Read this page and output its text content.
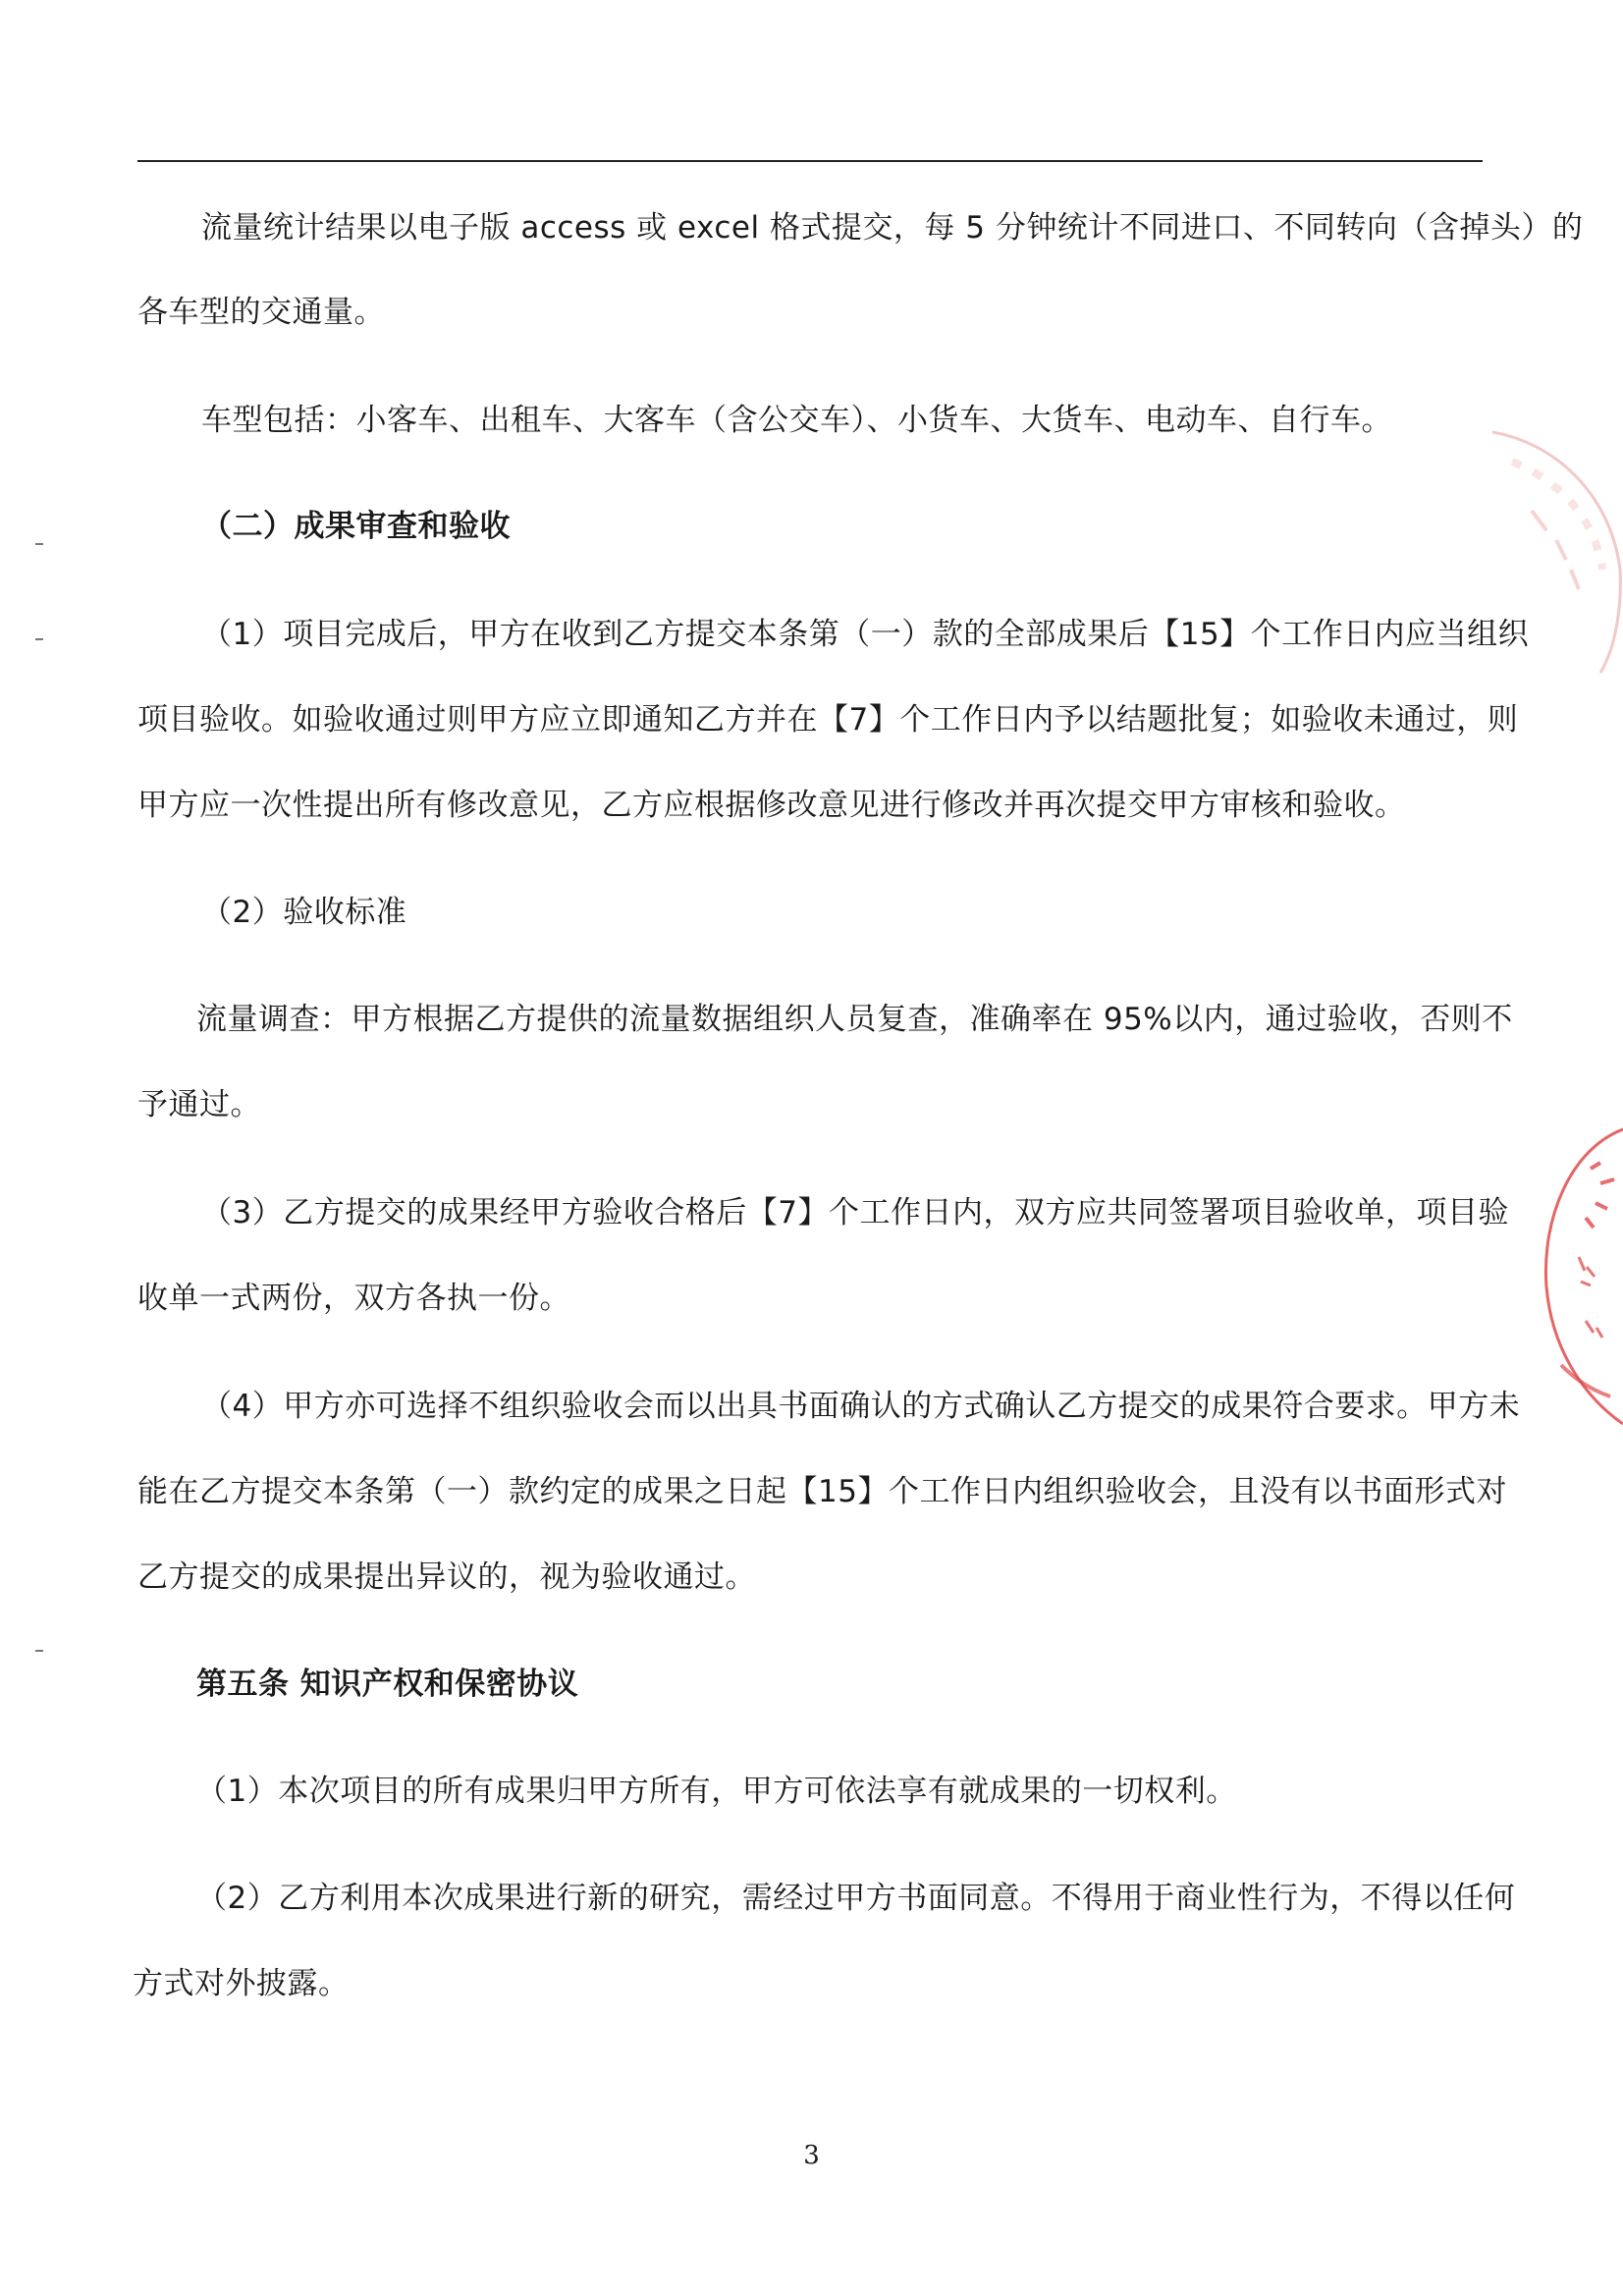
流量统计结果以电子版 access 或 excel 格式提交，每 5 分钟统计不同进口、不同转向（含掉头）的
各车型的交通量。
车型包括：小客车、出租车、大客车（含公交车）、小货车、大货车、电动车、自行车。
（二）成果审查和验收
（1）项目完成后，甲方在收到乙方提交本条第（一）款的全部成果后【15】个工作日内应当组织
项目验收。如验收通过则甲方应立即通知乙方并在【7】个工作日内予以结题批复；如验收未通过，则
甲方应一次性提出所有修改意见，乙方应根据修改意见进行修改并再次提交甲方审核和验收。
（2）验收标准
流量调查：甲方根据乙方提供的流量数据组织人员复查，准确率在 95%以内，通过验收，否则不
予通过。
（3）乙方提交的成果经甲方验收合格后【7】个工作日内，双方应共同签署项目验收单，项目验
收单一式两份，双方各执一份。
（4）甲方亦可选择不组织验收会而以出具书面确认的方式确认乙方提交的成果符合要求。甲方未
能在乙方提交本条第（一）款约定的成果之日起【15】个工作日内组织验收会，且没有以书面形式对
乙方提交的成果提出异议的，视为验收通过。
第五条 知识产权和保密协议
（1）本次项目的所有成果归甲方所有，甲方可依法享有就成果的一切权利。
（2）乙方利用本次成果进行新的研究，需经过甲方书面同意。不得用于商业性行为，不得以任何
方式对外披露。
3
